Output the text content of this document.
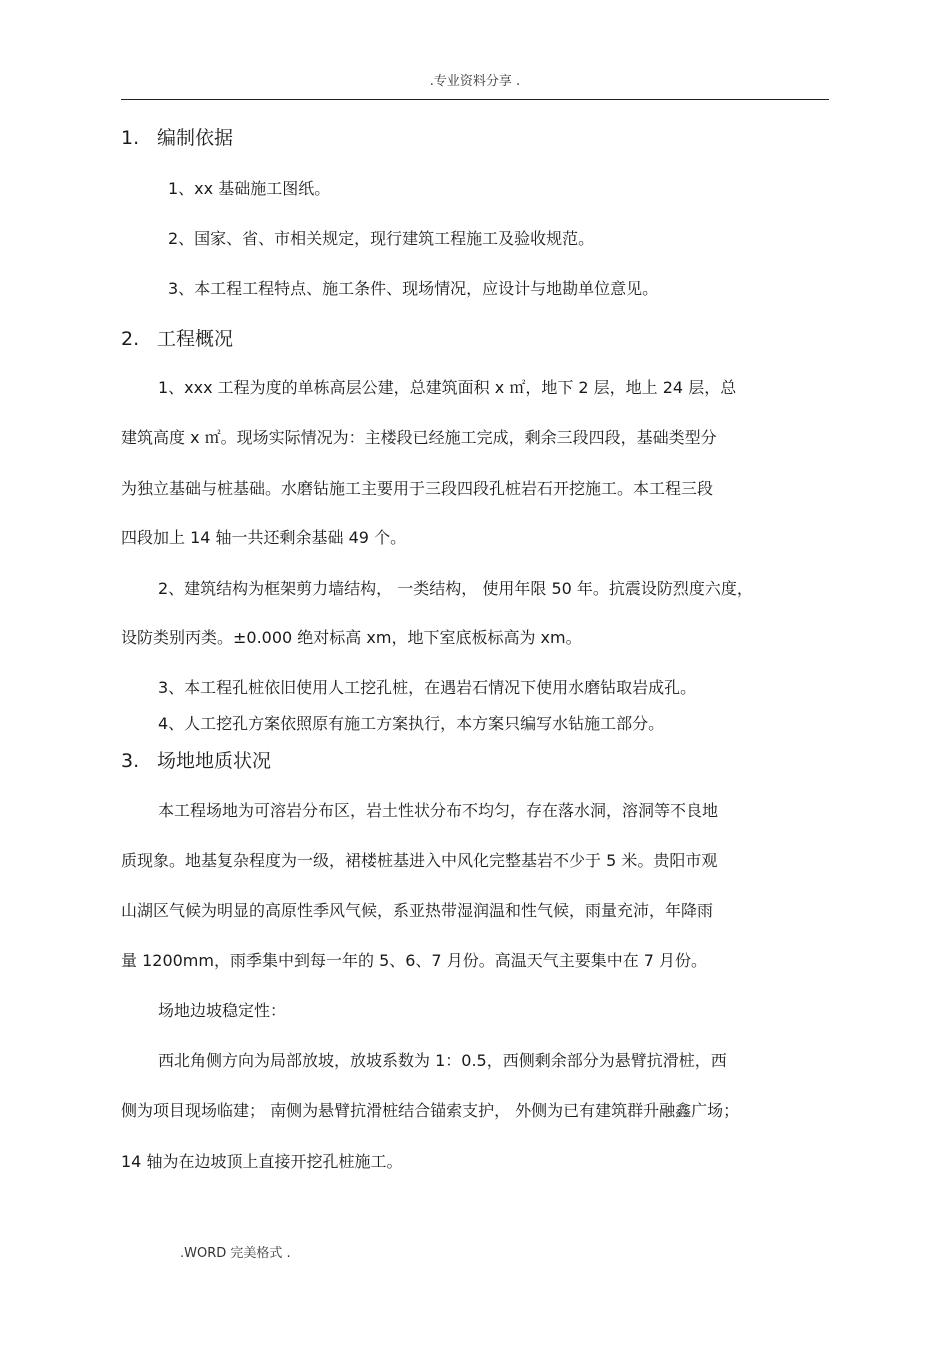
.专业资料分享 .
1. 编制依据
1、xx 基础施工图纸。
2、国家、省、市相关规定，现行建筑工程施工及验收规范。
3、本工程工程特点、施工条件、现场情况，应设计与地勘单位意见。
2. 工程概况
1、xxx 工程为度的单栋高层公建，总建筑面积 x ㎡，地下 2 层，地上 24 层，总
建筑高度 x ㎡。现场实际情况为：主楼段已经施工完成，剩余三段四段，基础类型分
为独立基础与桩基础。水磨钻施工主要用于三段四段孔桩岩石开挖施工。本工程三段
四段加上 14 轴一共还剩余基础 49 个。
2、建筑结构为框架剪力墙结构， 一类结构， 使用年限 50 年。抗震设防烈度六度，
设防类别丙类。±0.000 绝对标高 xm，地下室底板标高为 xm。
3、本工程孔桩依旧使用人工挖孔桩，在遇岩石情况下使用水磨钻取岩成孔。
4、人工挖孔方案依照原有施工方案执行，本方案只编写水钻施工部分。
3. 场地地质状况
本工程场地为可溶岩分布区，岩土性状分布不均匀，存在落水洞，溶洞等不良地
质现象。地基复杂程度为一级，裙楼桩基进入中风化完整基岩不少于 5 米。贵阳市观
山湖区气候为明显的高原性季风气候，系亚热带湿润温和性气候，雨量充沛，年降雨
量 1200mm，雨季集中到每一年的 5、6、7 月份。高温天气主要集中在 7 月份。
场地边坡稳定性：
西北角侧方向为局部放坡，放坡系数为 1：0.5，西侧剩余部分为悬臂抗滑桩，西
侧为项目现场临建； 南侧为悬臂抗滑桩结合锚索支护， 外侧为已有建筑群升融鑫广场；
14 轴为在边坡顶上直接开挖孔桩施工。
.WORD 完美格式 .
